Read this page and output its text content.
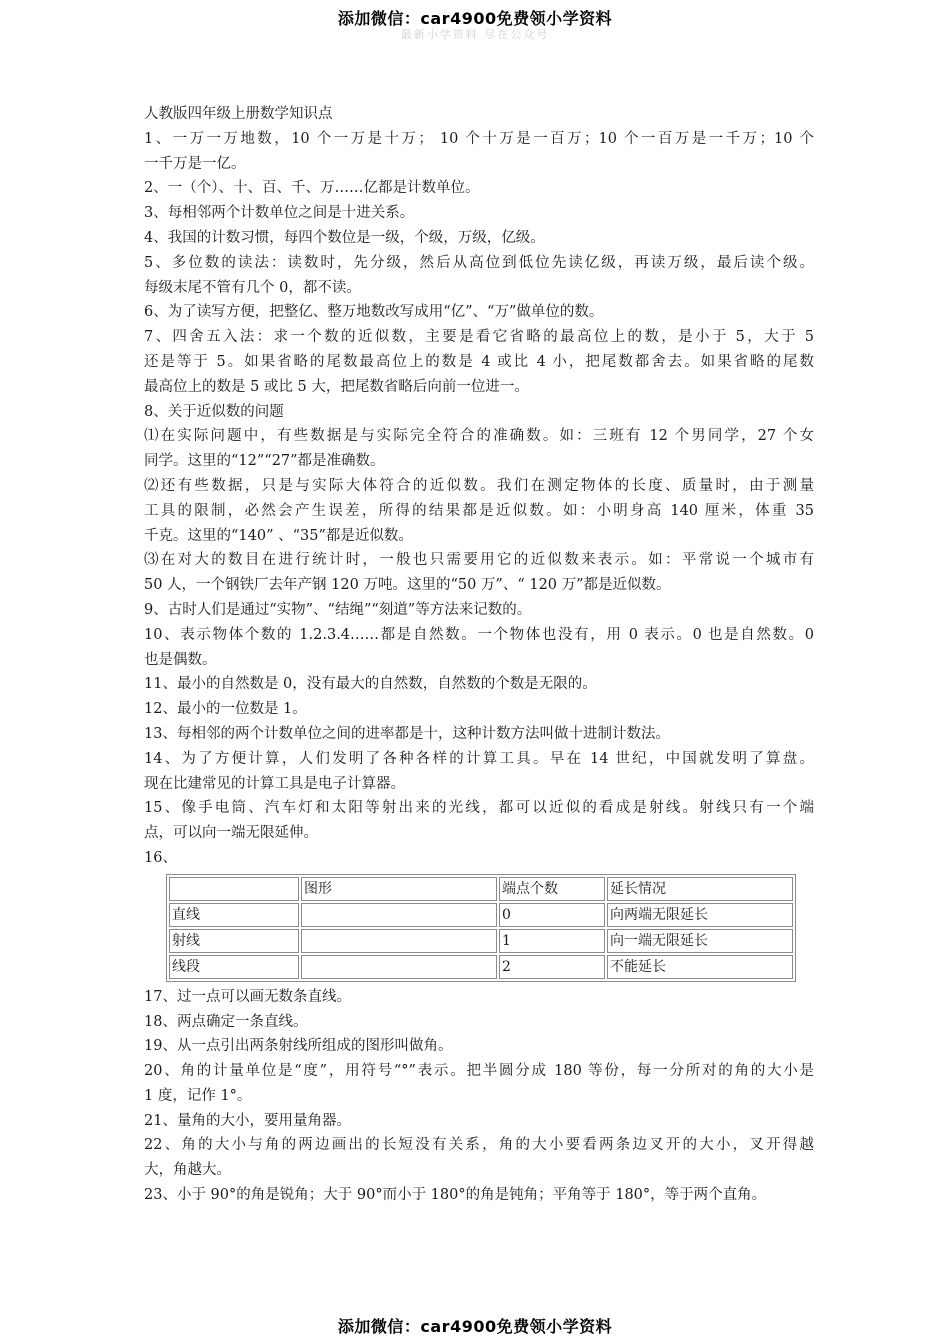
添加微信：car4900免费领小学资料
最新小学资料 尽在公众号
人教版四年级上册数学知识点
1、一万一万地数，10 个一万是十万； 10 个十万是一百万；10 个一百万是一千万；10 个
一千万是一亿。
2、一（个）、十、百、千、万……亿都是计数单位。
3、每相邻两个计数单位之间是十进关系。
4、我国的计数习惯，每四个数位是一级，个级，万级，亿级。
5、多位数的读法：读数时，先分级，然后从高位到低位先读亿级，再读万级，最后读个级。
每级末尾不管有几个 0，都不读。
6、为了读写方便，把整亿、整万地数改写成用“亿”、“万”做单位的数。
7、四舍五入法：求一个数的近似数，主要是看它省略的最高位上的数，是小于 5，大于 5
还是等于 5。如果省略的尾数最高位上的数是 4 或比 4 小，把尾数都舍去。如果省略的尾数
最高位上的数是 5 或比 5 大，把尾数省略后向前一位进一。
8、关于近似数的问题
⑴在实际问题中，有些数据是与实际完全符合的准确数。如：三班有 12 个男同学，27 个女
同学。这里的“12”“27”都是准确数。
⑵还有些数据，只是与实际大体符合的近似数。我们在测定物体的长度、质量时，由于测量
工具的限制，必然会产生误差，所得的结果都是近似数。如：小明身高 140 厘米，体重 35
千克。这里的“140” 、“35”都是近似数。
⑶在对大的数目在进行统计时，一般也只需要用它的近似数来表示。如：平常说一个城市有
50 人，一个钢铁厂去年产钢 120 万吨。这里的“50 万”、“ 120 万”都是近似数。
9、古时人们是通过“实物”、“结绳”“刻道”等方法来记数的。
10、表示物体个数的 1.2.3.4……都是自然数。一个物体也没有，用 0 表示。0 也是自然数。0
也是偶数。
11、最小的自然数是 0，没有最大的自然数，自然数的个数是无限的。
12、最小的一位数是 1。
13、每相邻的两个计数单位之间的进率都是十，这种计数方法叫做十进制计数法。
14、为了方便计算，人们发明了各种各样的计算工具。早在 14 世纪，中国就发明了算盘。
现在比建常见的计算工具是电子计算器。
15、像手电筒、汽车灯和太阳等射出来的光线，都可以近似的看成是射线。射线只有一个端
点，可以向一端无限延伸。
16、
	图形	端点个数	延长情况
直线		0	向两端无限延长
射线		1	向一端无限延长
线段		2	不能延长
17、过一点可以画无数条直线。
18、两点确定一条直线。
19、从一点引出两条射线所组成的图形叫做角。
20、角的计量单位是“度”，用符号“°”表示。把半圆分成 180 等份，每一分所对的角的大小是
1 度，记作 1°。
21、量角的大小，要用量角器。
22、角的大小与角的两边画出的长短没有关系，角的大小要看两条边叉开的大小，叉开得越
大，角越大。
23、小于 90°的角是锐角；大于 90°而小于 180°的角是钝角；平角等于 180°，等于两个直角。
添加微信：car4900免费领小学资料
